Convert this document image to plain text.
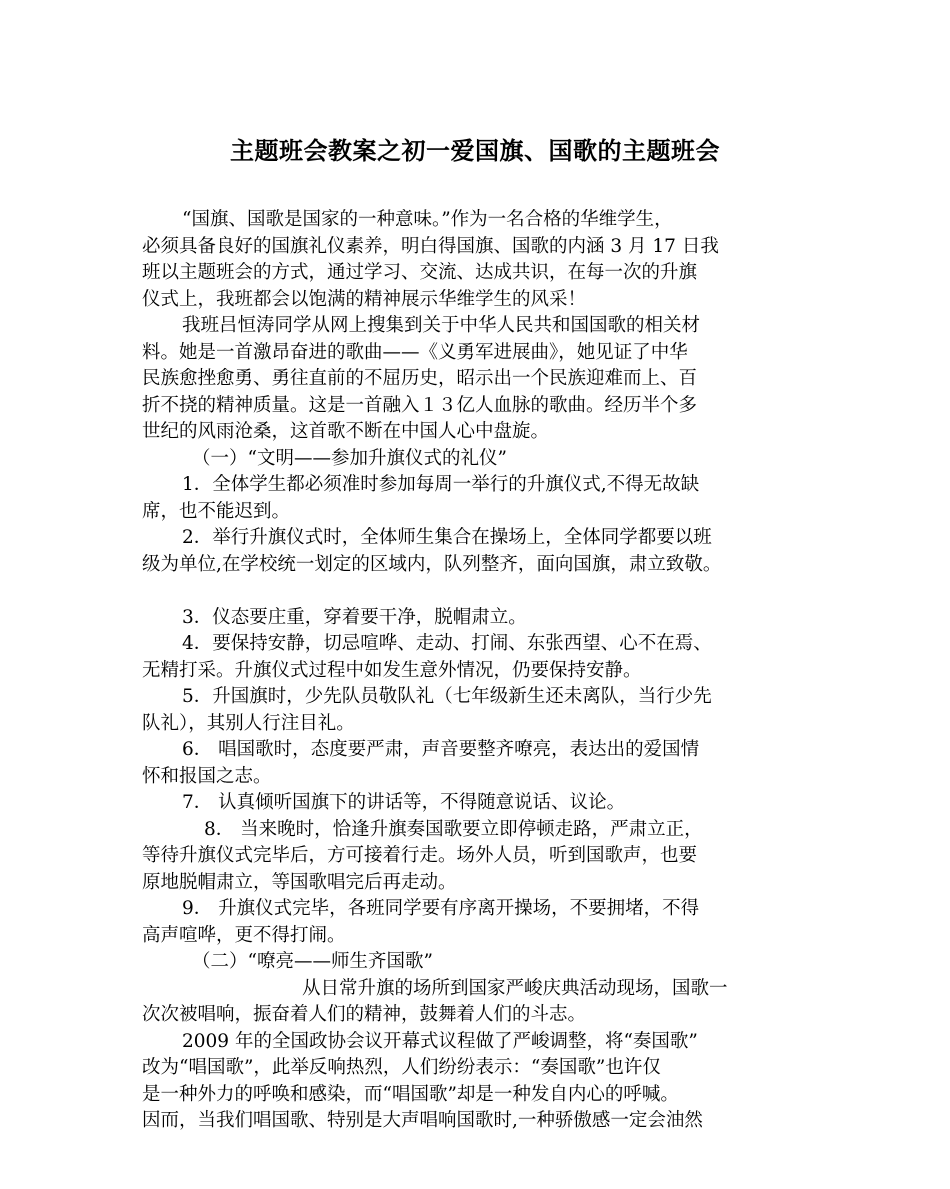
主题班会教案之初一爱国旗、国歌的主题班会
“国旗、国歌是国家的一种意味。”作为一名合格的华维学生，
必须具备良好的国旗礼仪素养，明白得国旗、国歌的内涵 3 月 17 日我
班以主题班会的方式，通过学习、交流、达成共识，在每一次的升旗
仪式上，我班都会以饱满的精神展示华维学生的风采！
我班吕恒涛同学从网上搜集到关于中华人民共和国国歌的相关材
料。她是一首激昂奋进的歌曲——《义勇军进展曲》，她见证了中华
民族愈挫愈勇、勇往直前的不屈历史，昭示出一个民族迎难而上、百
折不挠的精神质量。这是一首融入１３亿人血脉的歌曲。经历半个多
世纪的风雨沧桑，这首歌不断在中国人心中盘旋。
（一）“文明——参加升旗仪式的礼仪”
1．全体学生都必须准时参加每周一举行的升旗仪式,不得无故缺
席，也不能迟到。
2．举行升旗仪式时，全体师生集合在操场上，全体同学都要以班
级为单位,在学校统一划定的区域内，队列整齐，面向国旗，肃立致敬。
3．仪态要庄重，穿着要干净，脱帽肃立。
4．要保持安静，切忌喧哗、走动、打闹、东张西望、心不在焉、
无精打采。升旗仪式过程中如发生意外情况，仍要保持安静。
5．升国旗时，少先队员敬队礼（七年级新生还未离队，当行少先
队礼），其别人行注目礼。
6． 唱国歌时，态度要严肃，声音要整齐嘹亮，表达出的爱国情
怀和报国之志。
7． 认真倾听国旗下的讲话等，不得随意说话、议论。
8． 当来晚时，恰逢升旗奏国歌要立即停顿走路，严肃立正，
等待升旗仪式完毕后，方可接着行走。场外人员，听到国歌声，也要
原地脱帽肃立，等国歌唱完后再走动。
9． 升旗仪式完毕，各班同学要有序离开操场，不要拥堵，不得
高声喧哗，更不得打闹。
（二）“嘹亮——师生齐国歌”
从日常升旗的场所到国家严峻庆典活动现场，国歌一
次次被唱响，振奋着人们的精神，鼓舞着人们的斗志。
2009 年的全国政协会议开幕式议程做了严峻调整，将“奏国歌”
改为“唱国歌”，此举反响热烈，人们纷纷表示：“奏国歌”也许仅
是一种外力的呼唤和感染，而“唱国歌”却是一种发自内心的呼喊。
因而，当我们唱国歌、特别是大声唱响国歌时,一种骄傲感一定会油然
